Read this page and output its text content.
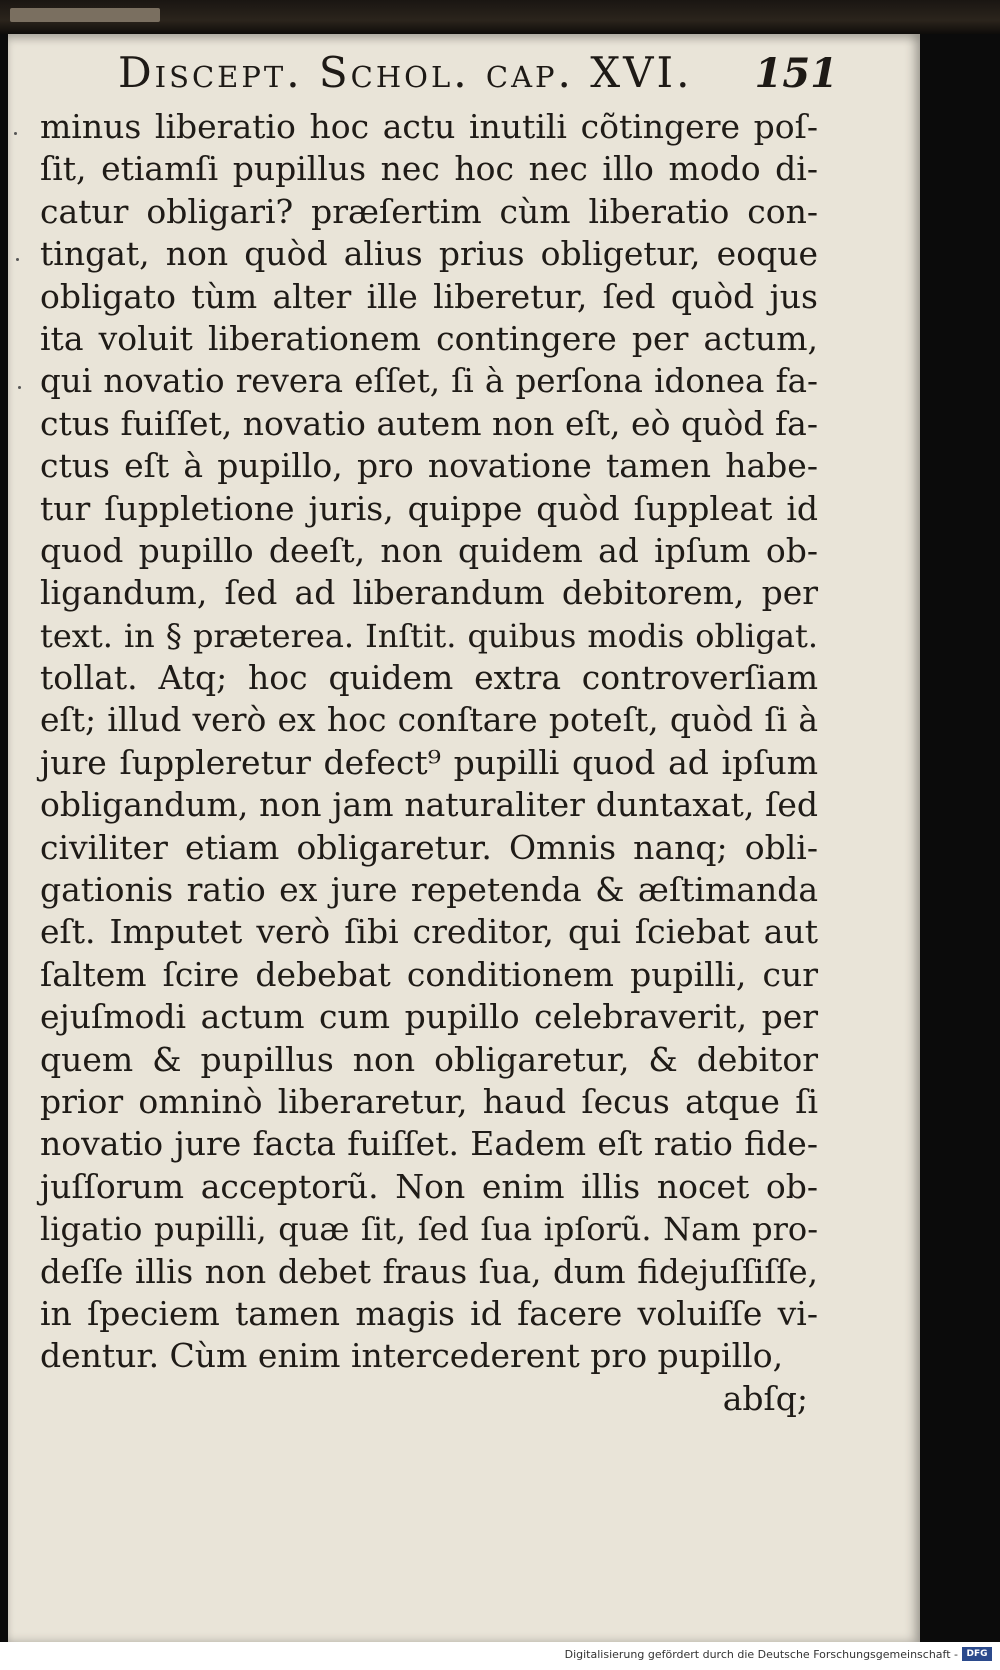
Discept. Schol. cap. XVI. 151
minus liberatio hoc actu inutili cõtingere poſ-
ſit, etiamſi pupillus nec hoc nec illo modo di-
catur obligari? præſertim cùm liberatio con-
tingat, non quòd alius prius obligetur, eoque
obligato tùm alter ille liberetur, ſed quòd jus
ita voluit liberationem contingere per actum,
qui novatio revera eſſet, ſi à perſona idonea fa-
ctus fuiſſet, novatio autem non eſt, eò quòd fa-
ctus eſt à pupillo, pro novatione tamen habe-
tur ſuppletione juris, quippe quòd ſuppleat id
quod pupillo deeſt, non quidem ad ipſum ob-
ligandum, ſed ad liberandum debitorem, per
text. in § præterea. Inſtit. quibus modis obligat.
tollat. Atq; hoc quidem extra controverſiam
eſt; illud verò ex hoc conſtare poteſt, quòd ſi à
jure ſuppleretur defect⁹ pupilli quod ad ipſum
obligandum, non jam naturaliter duntaxat, ſed
civiliter etiam obligaretur. Omnis nanq; obli-
gationis ratio ex jure repetenda & æſtimanda
eſt. Imputet verò ſibi creditor, qui ſciebat aut
ſaltem ſcire debebat conditionem pupilli, cur
ejuſmodi actum cum pupillo celebraverit, per
quem & pupillus non obligaretur, & debitor
prior omninò liberaretur, haud ſecus atque ſi
novatio jure facta fuiſſet. Eadem eſt ratio fide-
juſſorum acceptorũ. Non enim illis nocet ob-
ligatio pupilli, quæ ſit, ſed ſua ipſorũ. Nam pro-
deſſe illis non debet fraus ſua, dum fidejuſſiſſe,
in ſpeciem tamen magis id facere voluiſſe vi-
dentur. Cùm enim intercederent pro pupillo,
abſq;
Digitalisierung gefördert durch die Deutsche Forschungsgemeinschaft - DFG
